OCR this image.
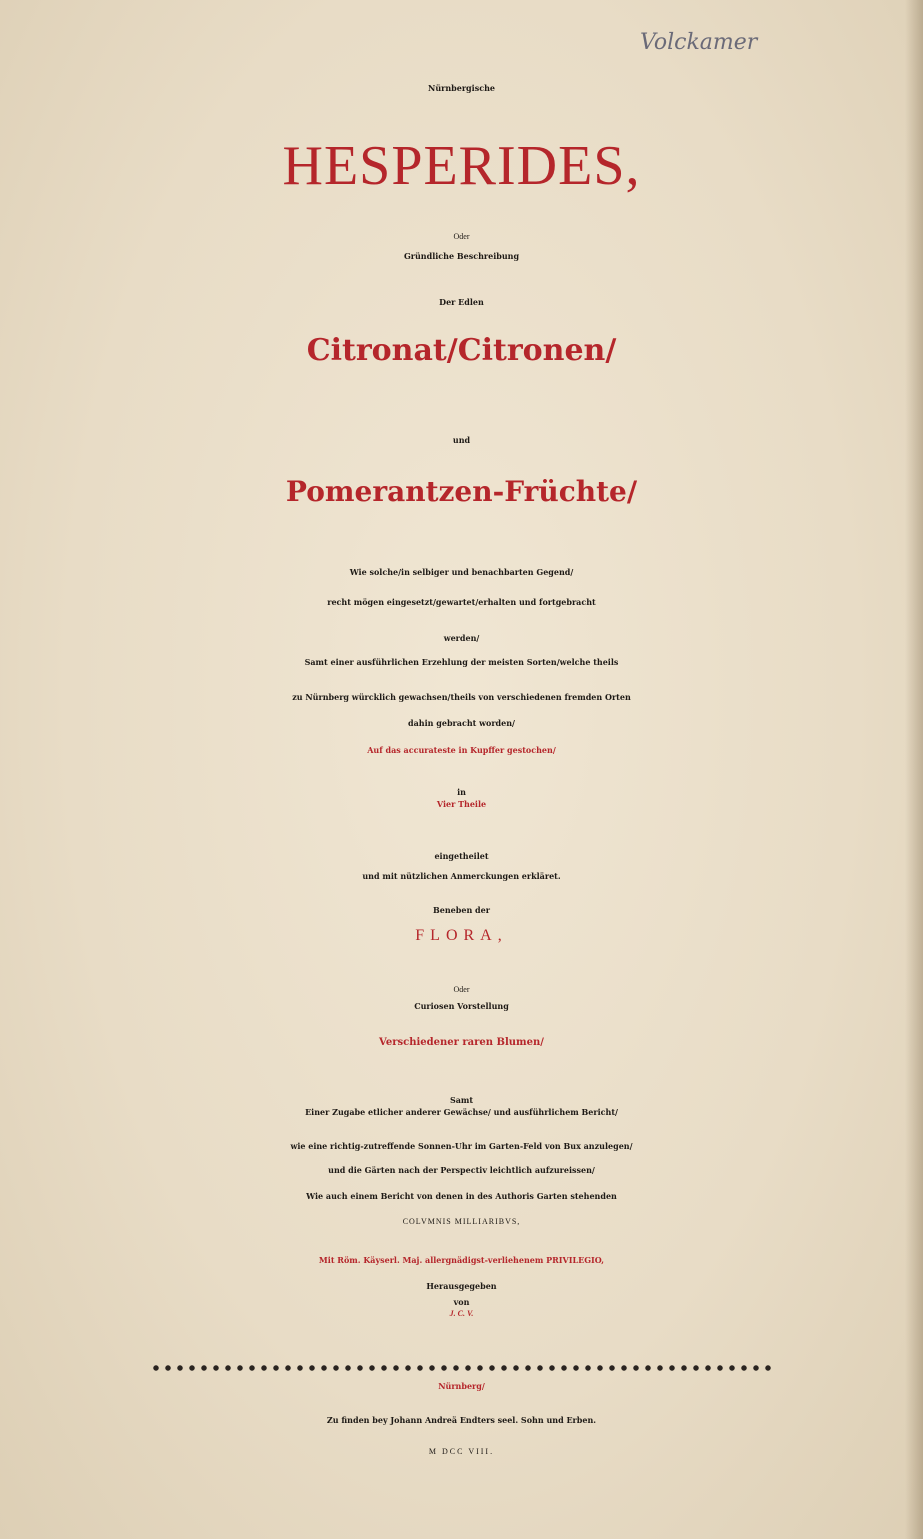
Volckamer
Nürnbergische
HESPERIDES,
Oder
Gründliche Beschreibung
Der Edlen
Citronat/Citronen/
und
Pomerantzen-Früchte/
Wie solche/in selbiger und benachbarten Gegend/
recht mögen eingesetzt/gewartet/erhalten und fortgebracht
werden/
Samt einer ausführlichen Erzehlung der meisten Sorten/welche theils
zu Nürnberg würcklich gewachsen/theils von verschiedenen fremden Orten
dahin gebracht worden/
Auf das accurateste in Kupffer gestochen/
in
Vier Theile
eingetheilet
und mit nützlichen Anmerckungen erkläret.
Beneben der
FLORA,
Oder
Curiosen Vorstellung
Verschiedener raren Blumen/
Samt
Einer Zugabe etlicher anderer Gewächse/ und ausführlichem Bericht/
wie eine richtig-zutreffende Sonnen-Uhr im Garten-Feld von Bux anzulegen/
und die Gärten nach der Perspectiv leichtlich aufzureissen/
Wie auch einem Bericht von denen in des Authoris Garten stehenden
COLVMNIS MILLIARIBVS,
Mit Röm. Käyserl. Maj. allergnädigst-verliehenem PRIVILEGIO,
Herausgegeben
von
J. C. V.
Nürnberg/
Zu finden bey Johann Andreä Endters seel. Sohn und Erben.
M DCC VIII.
